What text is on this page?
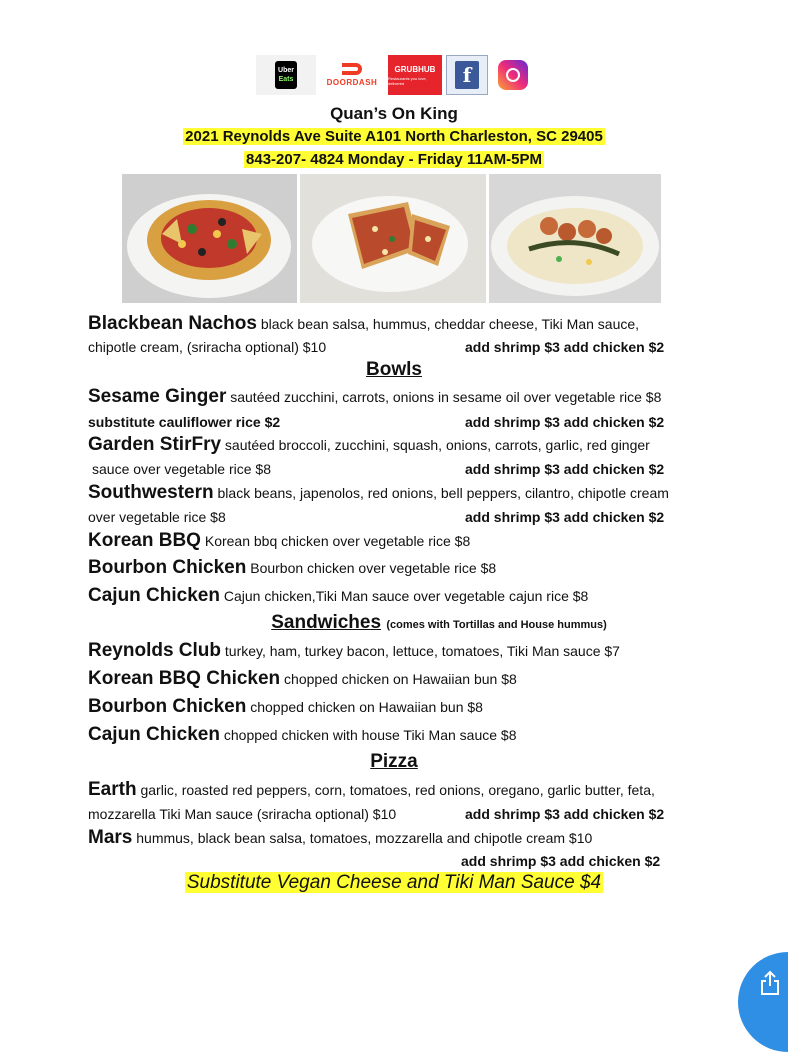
Uber
Eats	DOORDASH
GRUBHUB
Restaurants you love, delivered	f
Quan’s On King
2021 Reynolds Ave Suite A101 North Charleston, SC 29405
843-207- 4824 Monday - Friday 11AM-5PM
Blackbean Nachos black bean salsa, hummus, cheddar cheese, Tiki Man sauce,
chipotle cream, (sriracha optional) $10	add shrimp $3 add chicken $2
Bowls
Sesame Ginger sautéed zucchini, carrots, onions in sesame oil over vegetable rice $8
substitute cauliflower rice $2	add shrimp $3 add chicken $2
Garden StirFry sautéed broccoli, zucchini, squash, onions, carrots, garlic, red ginger
sauce over vegetable rice $8	add shrimp $3 add chicken $2
Southwestern black beans, japenolos, red onions, bell peppers, cilantro, chipotle cream
over vegetable rice $8	add shrimp $3 add chicken $2
Korean BBQ Korean bbq chicken over vegetable rice $8
Bourbon Chicken Bourbon chicken over vegetable rice $8
Cajun Chicken Cajun chicken,Tiki Man sauce over vegetable cajun rice $8
Sandwiches (comes with Tortillas and House hummus)
Reynolds Club turkey, ham, turkey bacon, lettuce, tomatoes, Tiki Man sauce $7
Korean BBQ Chicken chopped chicken on Hawaiian bun $8
Bourbon Chicken chopped chicken on Hawaiian bun $8
Cajun Chicken chopped chicken with house Tiki Man sauce $8
Pizza
Earth garlic, roasted red peppers, corn, tomatoes, red onions, oregano, garlic butter, feta,
mozzarella Tiki Man sauce (sriracha optional) $10	add shrimp $3 add chicken $2
Mars hummus, black bean salsa, tomatoes, mozzarella and chipotle cream $10
add shrimp $3 add chicken $2
Substitute Vegan Cheese and Tiki Man Sauce $4
